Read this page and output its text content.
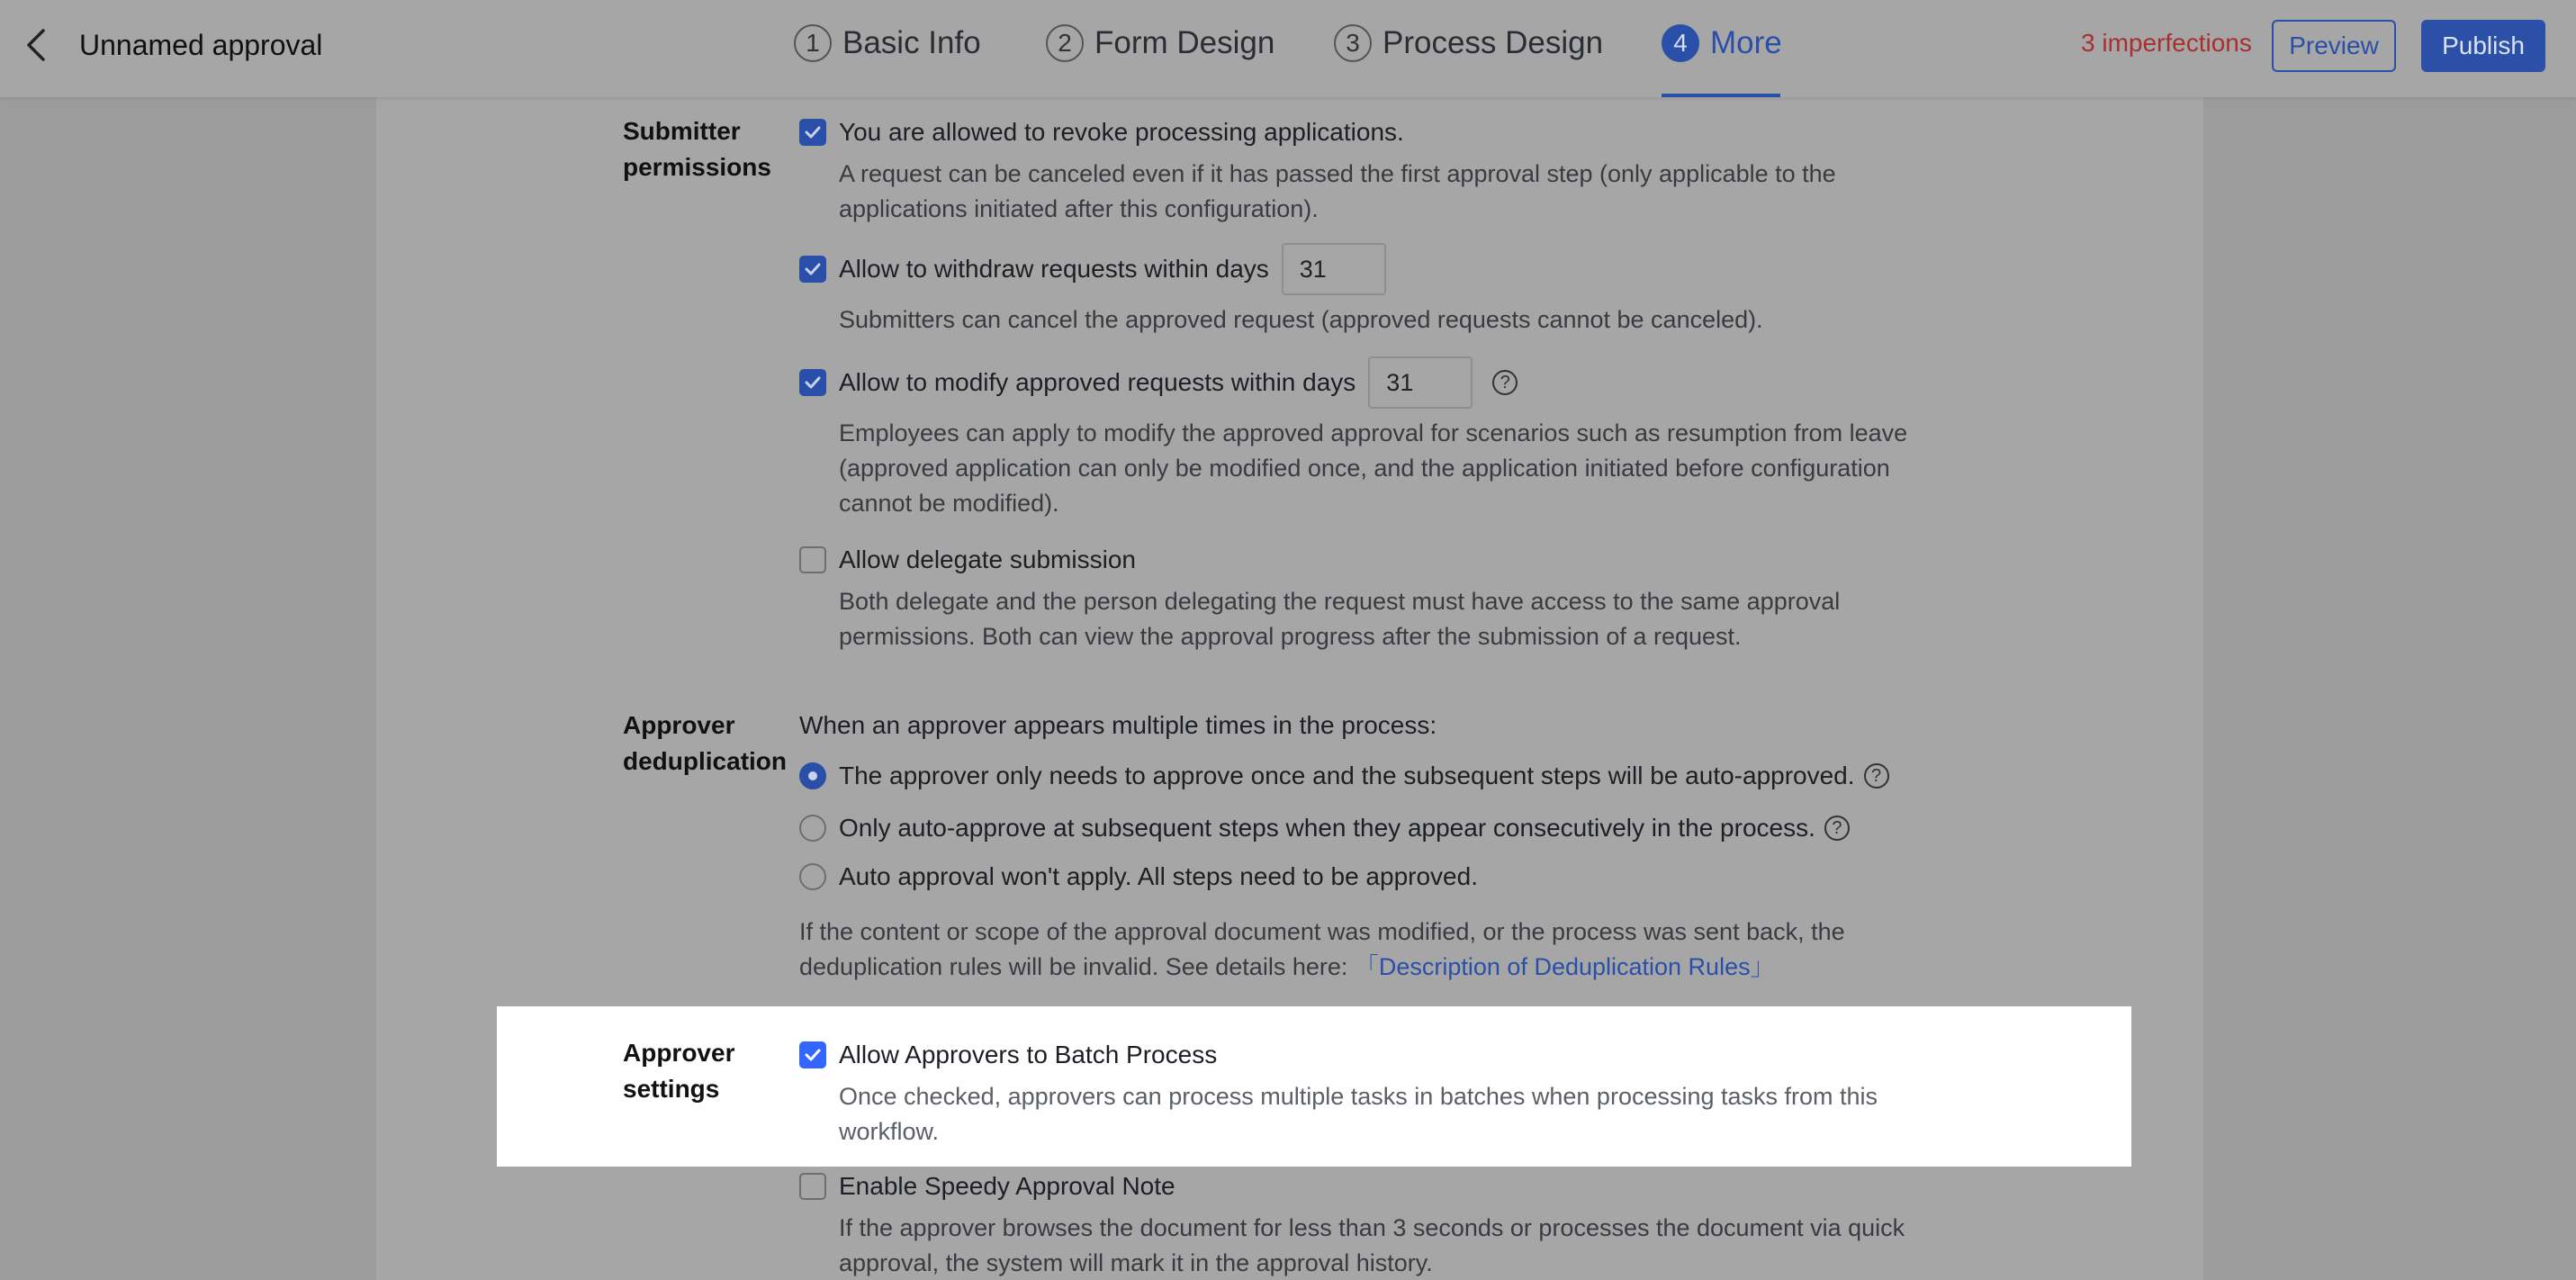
Unnamed approval	1 Basic Info	2 Form Design	3 Process Design	4 More	3 imperfections	Preview	Publish
Submitter
permissions
You are allowed to revoke processing applications.
A request can be canceled even if it has passed the first approval step (only applicable to the
applications initiated after this configuration).
Allow to withdraw requests within days
31
Submitters can cancel the approved request (approved requests cannot be canceled).
Allow to modify approved requests within days
31	?
Employees can apply to modify the approved approval for scenarios such as resumption from leave
(approved application can only be modified once, and the application initiated before configuration
cannot be modified).
Allow delegate submission
Both delegate and the person delegating the request must have access to the same approval
permissions. Both can view the approval progress after the submission of a request.
Approver
deduplication
When an approver appears multiple times in the process:
The approver only needs to approve once and the subsequent steps will be auto-approved. ?
Only auto-approve at subsequent steps when they appear consecutively in the process. ?
Auto approval won't apply. All steps need to be approved.
If the content or scope of the approval document was modified, or the process was sent back, the
deduplication rules will be invalid. See details here: 「Description of Deduplication Rules」
Approver
settings
Allow Approvers to Batch Process
Once checked, approvers can process multiple tasks in batches when processing tasks from this
workflow.
Enable Speedy Approval Note
If the approver browses the document for less than 3 seconds or processes the document via quick
approval, the system will mark it in the approval history.
